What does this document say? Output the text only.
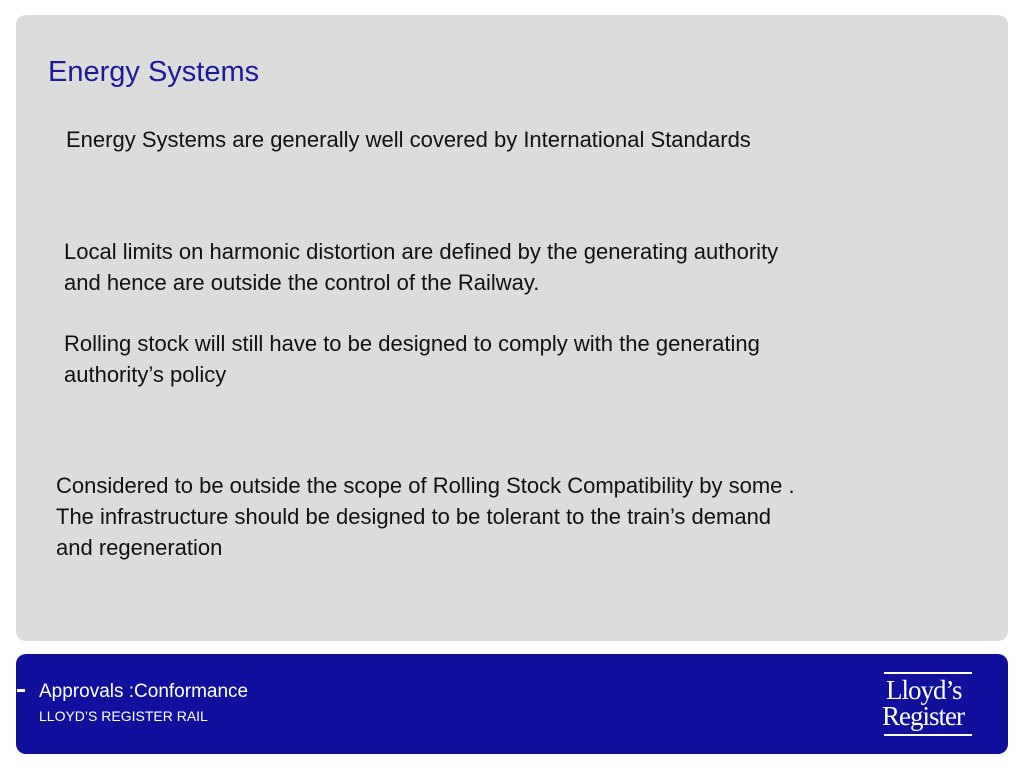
Energy Systems
Energy Systems are generally well covered by International Standards
Local limits on harmonic distortion are defined by the generating authority
and hence are outside the control of the Railway.
Rolling stock will still have to be designed to comply with the generating
authority’s policy
Considered to be outside the scope of Rolling Stock Compatibility by some .
The infrastructure should be designed to be tolerant to the train’s demand
and regeneration
Approvals :Conformance
LLOYD’S REGISTER RAIL
Lloyd’s
Register
